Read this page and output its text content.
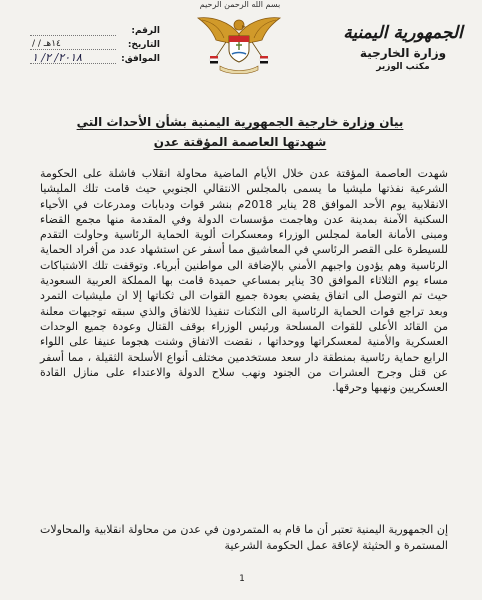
بسم الله الرحمن الرحيم
الجمهورية اليمنية
وزارة الخارجية
مكتب الوزير
الرقم:
التاريخ:
/ / ١٤هـ
الموافق:
٢٠١٨/ ٢/ ١
بيان وزارة خارجية الجمهورية اليمنية بشأن الأحداث التي شهدتها العاصمة المؤقتة عدن
شهدت العاصمة المؤقتة عدن خلال الأيام الماضية محاولة انقلاب فاشلة على الحكومة الشرعية نفذتها مليشيا ما يسمى بالمجلس الانتقالي الجنوبي حيث قامت تلك المليشيا الانقلابية يوم الأحد الموافق 28 يناير 2018م بنشر قوات ودبابات ومدرعات في الأحياء السكنية الآمنة بمدينة عدن وهاجمت مؤسسات الدولة وفي المقدمة منها مجمع القضاء ومبنى الأمانة العامة لمجلس الوزراء ومعسكرات ألوية الحماية الرئاسية وحاولت التقدم للسيطرة على القصر الرئاسي في المعاشيق مما أسفر عن استشهاد عدد من أفراد الحماية الرئاسية وهم يؤدون واجبهم الأمني بالإضافة الى مواطنين أبرياء. وتوقفت تلك الاشتباكات مساء يوم الثلاثاء الموافق 30 يناير بمساعي حميدة قامت بها المملكة العربية السعودية حيث تم التوصل الى اتفاق يقضي بعودة جميع القوات الى ثكناتها إلا ان مليشيات التمرد وبعد تراجع قوات الحماية الرئاسية الى الثكنات تنفيذا للاتفاق والذي سبقه توجيهات معلنة من القائد الأعلى للقوات المسلحة ورئيس الوزراء بوقف القتال وعودة جميع الوحدات العسكرية والأمنية لمعسكراتها ووحداتها ، نقضت الاتفاق وشنت هجوما عنيفا على اللواء الرابع حماية رئاسية بمنطقة دار سعد مستخدمين مختلف أنواع الأسلحة الثقيلة ، مما أسفر عن قتل وجرح العشرات من الجنود ونهب سلاح الدولة والاعتداء على منازل القادة العسكريين ونهبها وحرقها.
إن الجمهورية اليمنية تعتبر أن ما قام به المتمردون في عدن من محاولة انقلابية والمحاولات المستمرة و الحثيثة لإعاقة عمل الحكومة الشرعية
1
